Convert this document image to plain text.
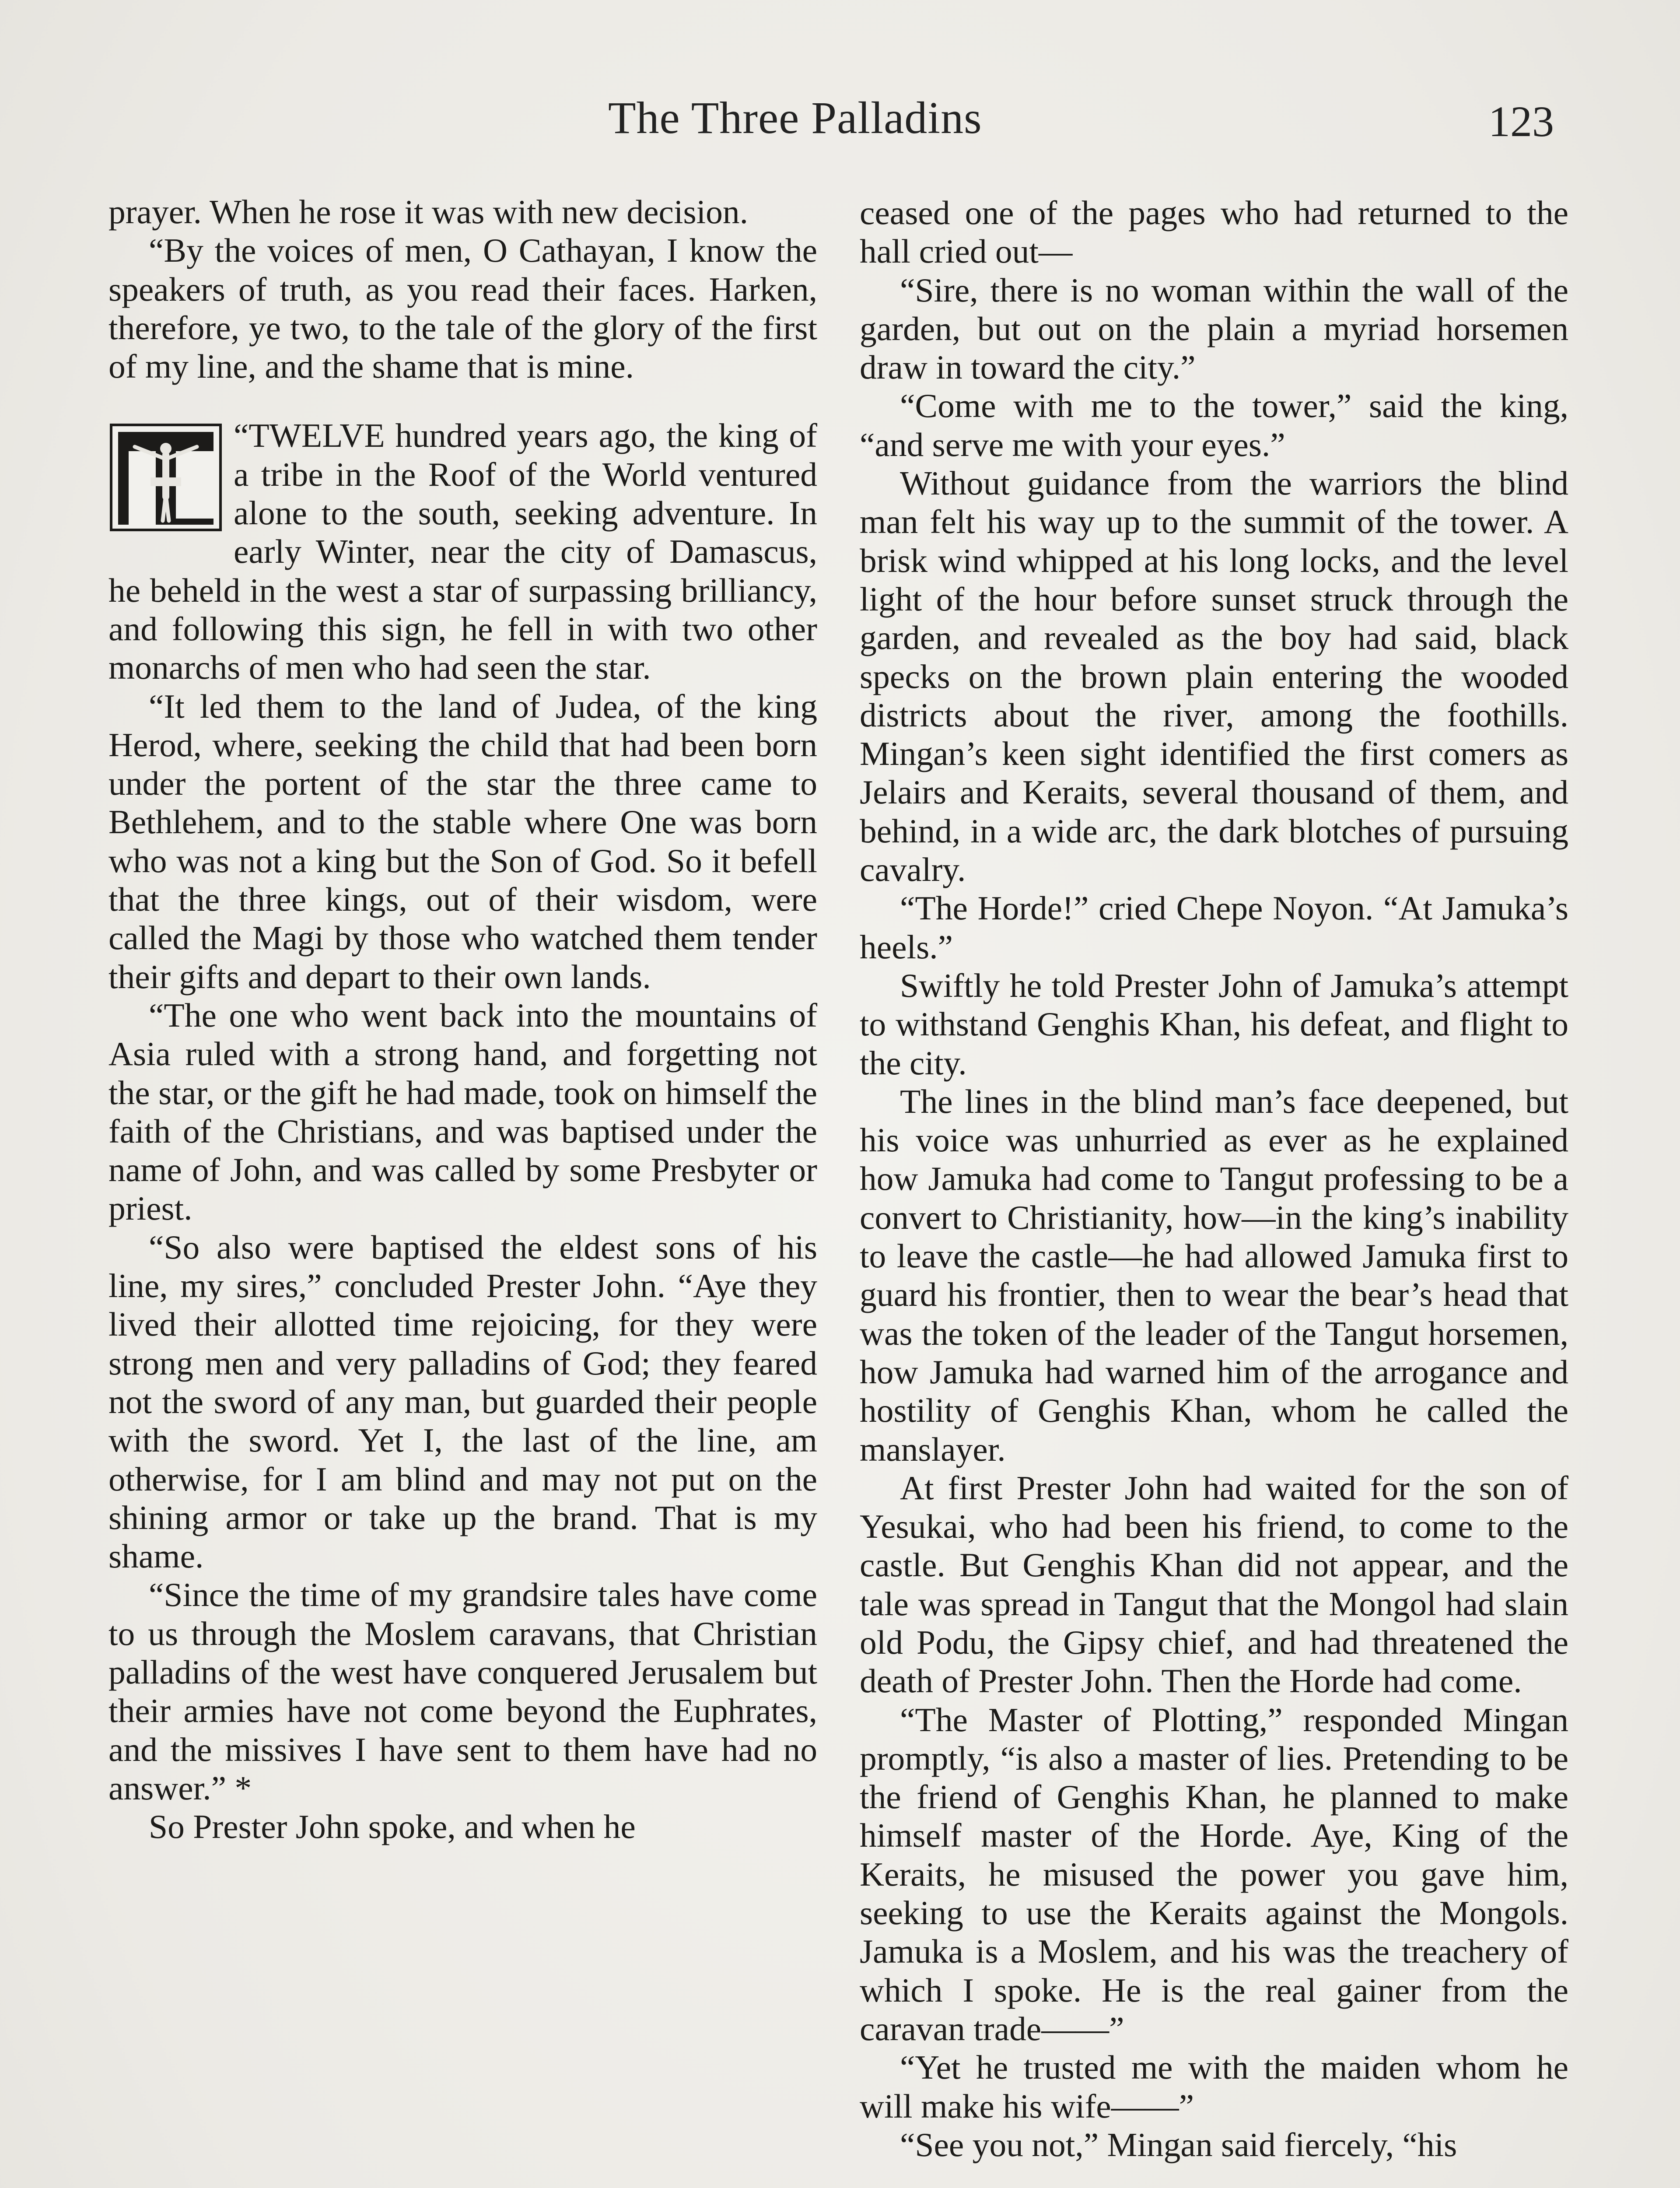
The Three Palladins	123

prayer. When he rose it was with new decision.

“By the voices of men, O Cathayan, I know the speakers of truth, as you read their faces. Harken, therefore, ye two, to the tale of the glory of the first of my line, and the shame that is mine.

“TWELVE hundred years ago, the king of a tribe in the Roof of the World ventured alone to the south, seeking adventure. In early Winter, near the city of Damascus, he beheld in the west a star of surpassing brilliancy, and following this sign, he fell in with two other monarchs of men who had seen the star.

“It led them to the land of Judea, of the king Herod, where, seeking the child that had been born under the portent of the star the three came to Bethlehem, and to the stable where One was born who was not a king but the Son of God. So it befell that the three kings, out of their wisdom, were called the Magi by those who watched them tender their gifts and depart to their own lands.

“The one who went back into the mountains of Asia ruled with a strong hand, and forgetting not the star, or the gift he had made, took on himself the faith of the Christians, and was baptised under the name of John, and was called by some Presbyter or priest.

“So also were baptised the eldest sons of his line, my sires,” concluded Prester John. “Aye they lived their allotted time rejoicing, for they were strong men and very palladins of God; they feared not the sword of any man, but guarded their people with the sword. Yet I, the last of the line, am otherwise, for I am blind and may not put on the shining armor or take up the brand. That is my shame.

“Since the time of my grandsire tales have come to us through the Moslem caravans, that Christian palladins of the west have conquered Jerusalem but their armies have not come beyond the Euphrates, and the missives I have sent to them have had no answer.” *

So Prester John spoke, and when he

ceased one of the pages who had returned to the hall cried out—

“Sire, there is no woman within the wall of the garden, but out on the plain a myriad horsemen draw in toward the city.”

“Come with me to the tower,” said the king, “and serve me with your eyes.”

Without guidance from the warriors the blind man felt his way up to the summit of the tower. A brisk wind whipped at his long locks, and the level light of the hour before sunset struck through the garden, and revealed as the boy had said, black specks on the brown plain entering the wooded districts about the river, among the foothills. Mingan’s keen sight identified the first comers as Jelairs and Keraits, several thousand of them, and behind, in a wide arc, the dark blotches of pursuing cavalry.

“The Horde!” cried Chepe Noyon. “At Jamuka’s heels.”

Swiftly he told Prester John of Jamuka’s attempt to withstand Genghis Khan, his defeat, and flight to the city.

The lines in the blind man’s face deepened, but his voice was unhurried as ever as he explained how Jamuka had come to Tangut professing to be a convert to Christianity, how—in the king’s inability to leave the castle—he had allowed Jamuka first to guard his frontier, then to wear the bear’s head that was the token of the leader of the Tangut horsemen, how Jamuka had warned him of the arrogance and hostility of Genghis Khan, whom he called the manslayer.

At first Prester John had waited for the son of Yesukai, who had been his friend, to come to the castle. But Genghis Khan did not appear, and the tale was spread in Tangut that the Mongol had slain old Podu, the Gipsy chief, and had threatened the death of Prester John. Then the Horde had come.

“The Master of Plotting,” responded Mingan promptly, “is also a master of lies. Pretending to be the friend of Genghis Khan, he planned to make himself master of the Horde. Aye, King of the Keraits, he misused the power you gave him, seeking to use the Keraits against the Mongols. Jamuka is a Moslem, and his was the treachery of which I spoke. He is the real gainer from the caravan trade——”

“Yet he trusted me with the maiden whom he will make his wife——”

“See you not,” Mingan said fiercely, “his
